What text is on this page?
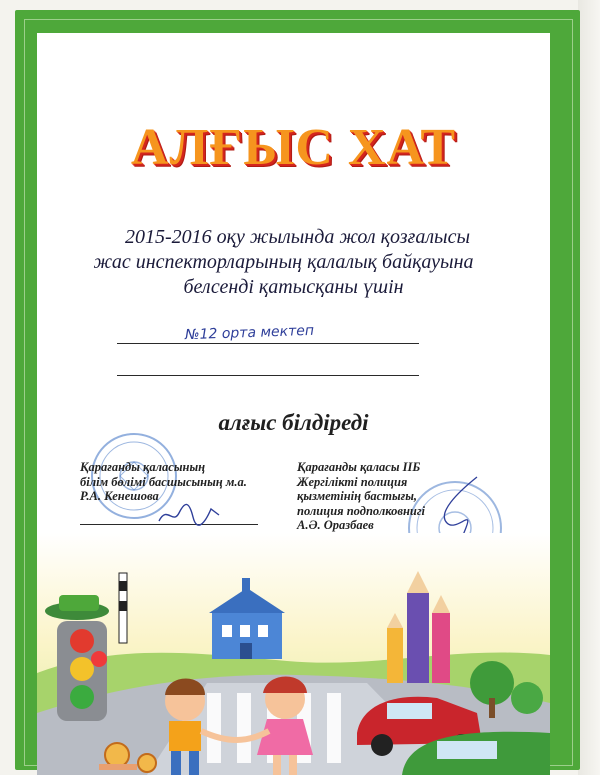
АЛҒЫС ХАТ
2015-2016 оқу жылында жол қозғалысы
жас инспекторларының қалалық байқауына
белсенді қатысқаны үшін
№12 орта мектеп
алғыс білдіреді
Қарағанды қаласының
білім бөлімі басшысының м.а.
Р.А. Кенешова
Қарағанды қаласы ІІБ
Жергілікті полиция
қызметінің бастығы,
полиция подполковнигі
А.Ә. Оразбаев
